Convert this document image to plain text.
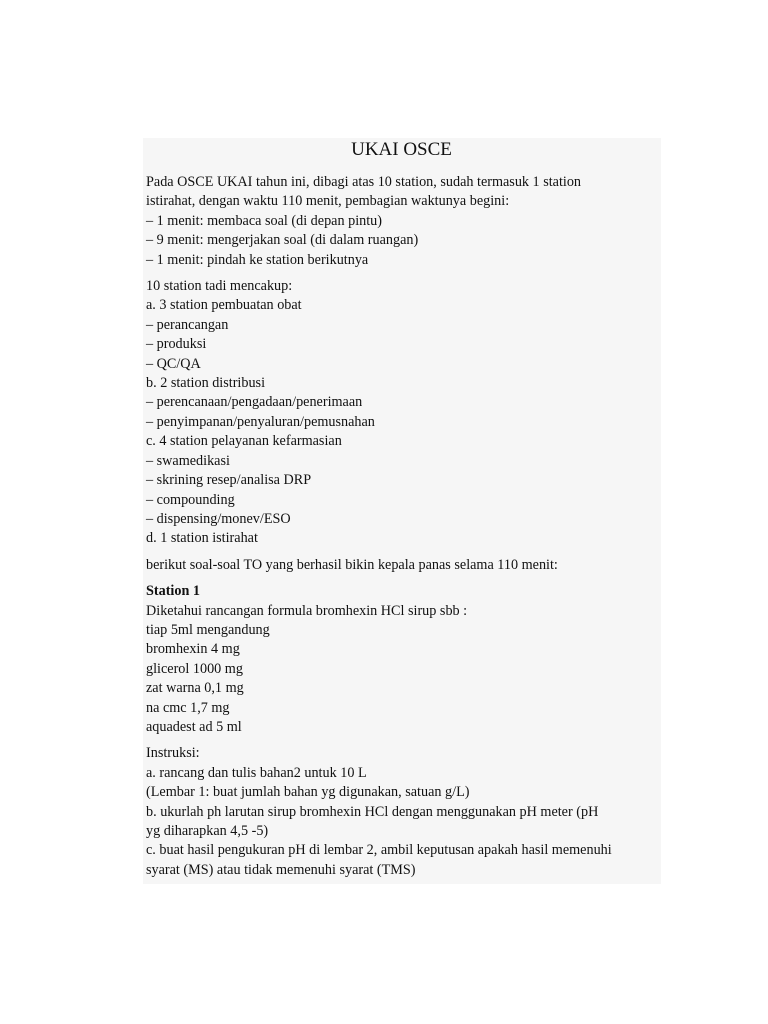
UKAI OSCE
Pada OSCE UKAI tahun ini, dibagi atas 10 station, sudah termasuk 1 station
istirahat, dengan waktu 110 menit, pembagian waktunya begini:
– 1 menit: membaca soal (di depan pintu)
– 9 menit: mengerjakan soal (di dalam ruangan)
– 1 menit: pindah ke station berikutnya
10 station tadi mencakup:
a. 3 station pembuatan obat
– perancangan
– produksi
– QC/QA
b. 2 station distribusi
– perencanaan/pengadaan/penerimaan
– penyimpanan/penyaluran/pemusnahan
c. 4 station pelayanan kefarmasian
– swamedikasi
– skrining resep/analisa DRP
– compounding
– dispensing/monev/ESO
d. 1 station istirahat
berikut soal-soal TO yang berhasil bikin kepala panas selama 110 menit:
Station 1
Diketahui rancangan formula bromhexin HCl sirup sbb :
tiap 5ml mengandung
bromhexin 4 mg
glicerol 1000 mg
zat warna 0,1 mg
na cmc 1,7 mg
aquadest ad 5 ml
Instruksi:
a. rancang dan tulis bahan2 untuk 10 L
(Lembar 1: buat jumlah bahan yg digunakan, satuan g/L)
b. ukurlah ph larutan sirup bromhexin HCl dengan menggunakan pH meter (pH
yg diharapkan 4,5 -5)
c. buat hasil pengukuran pH di lembar 2, ambil keputusan apakah hasil memenuhi
syarat (MS) atau tidak memenuhi syarat (TMS)
